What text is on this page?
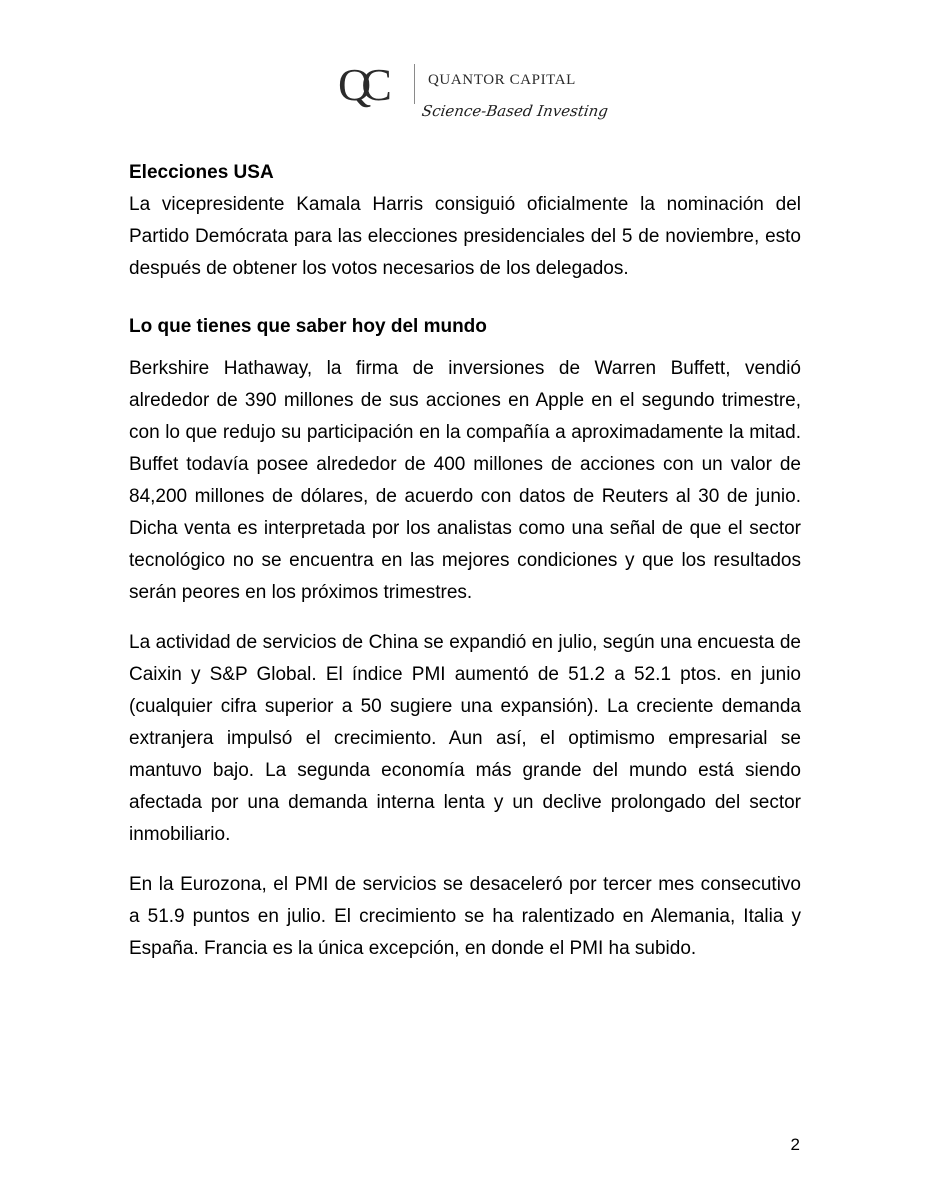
QC	QUANTOR CAPITAL
Science-Based Investing

Elecciones USA

La vicepresidente Kamala Harris consiguió oficialmente la nominación del Partido Demócrata para las elecciones presidenciales del 5 de noviembre, esto después de obtener los votos necesarios de los delegados.

Lo que tienes que saber hoy del mundo

Berkshire Hathaway, la firma de inversiones de Warren Buffett, vendió alrededor de 390 millones de sus acciones en Apple en el segundo trimestre, con lo que redujo su participación en la compañía a aproximadamente la mitad. Buffet todavía posee alrededor de 400 millones de acciones con un valor de 84,200 millones de dólares, de acuerdo con datos de Reuters al 30 de junio. Dicha venta es interpretada por los analistas como una señal de que el sector tecnológico no se encuentra en las mejores condiciones y que los resultados serán peores en los próximos trimestres.

La actividad de servicios de China se expandió en julio, según una encuesta de Caixin y S&P Global. El índice PMI aumentó de 51.2 a 52.1 ptos. en junio (cualquier cifra superior a 50 sugiere una expansión). La creciente demanda extranjera impulsó el crecimiento. Aun así, el optimismo empresarial se mantuvo bajo. La segunda economía más grande del mundo está siendo afectada por una demanda interna lenta y un declive prolongado del sector inmobiliario.

En la Eurozona, el PMI de servicios se desaceleró por tercer mes consecutivo a 51.9 puntos en julio. El crecimiento se ha ralentizado en Alemania, Italia y España. Francia es la única excepción, en donde el PMI ha subido.

2
